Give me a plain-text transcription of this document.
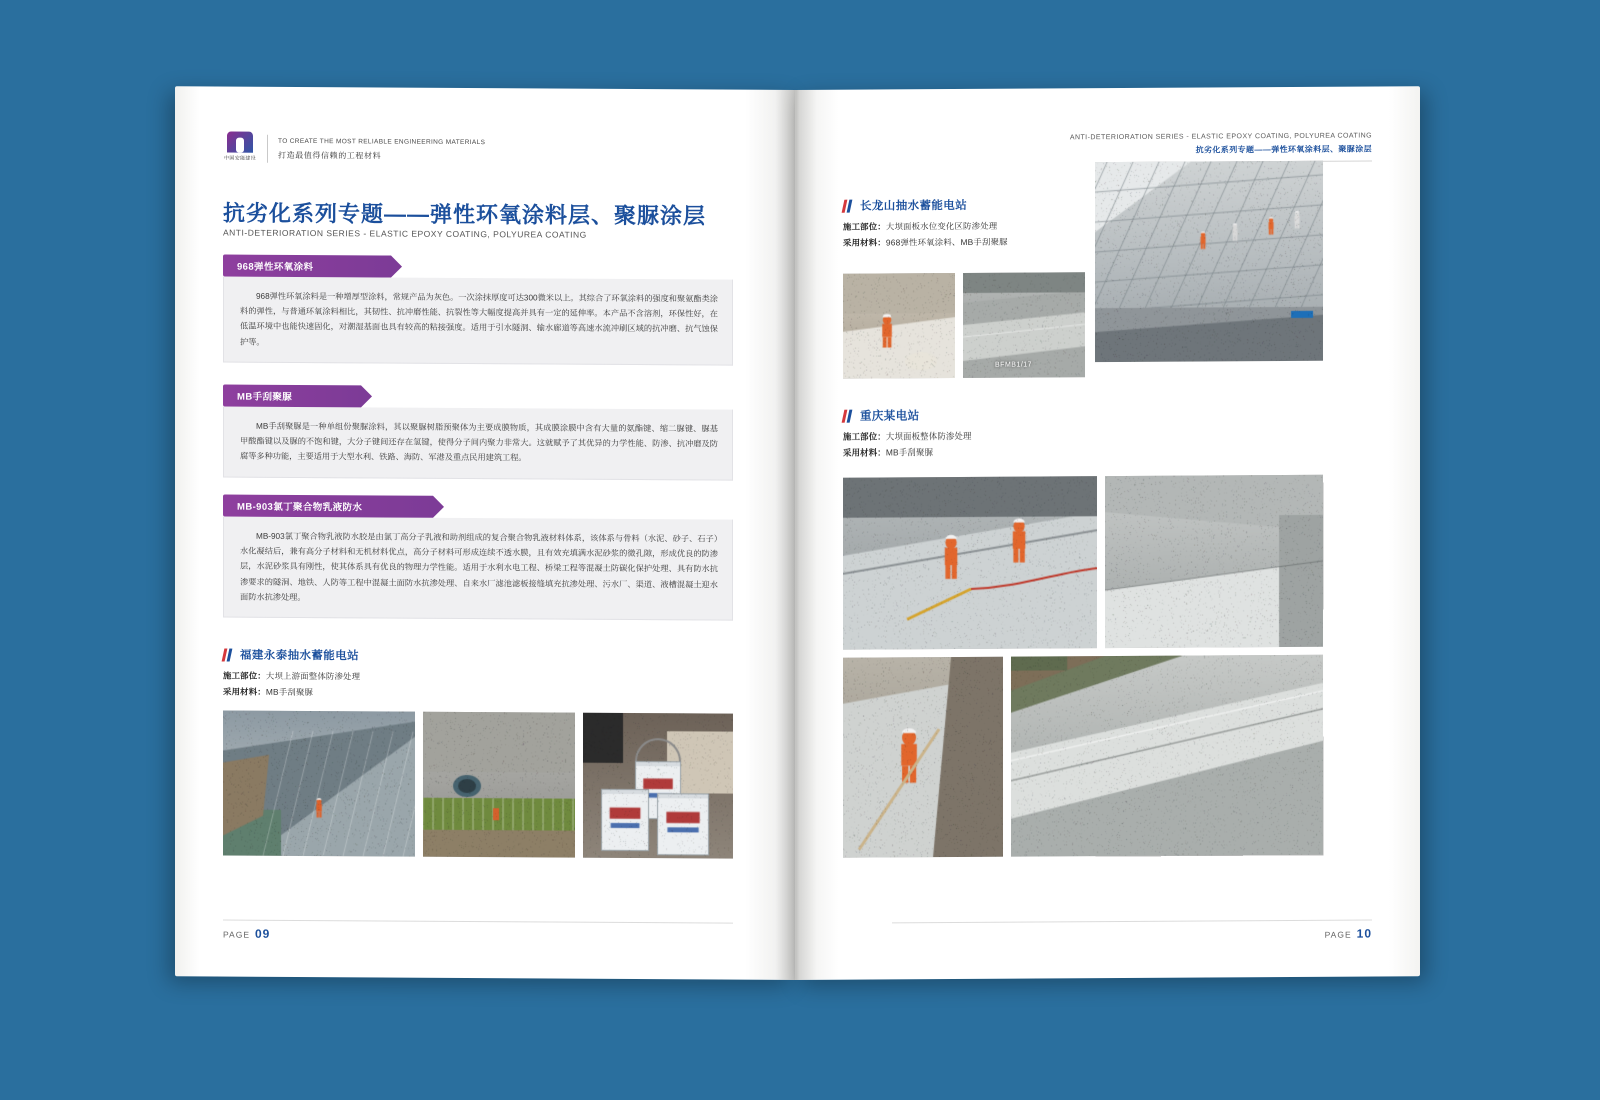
中国安能建设
TO CREATE THE MOST RELIABLE ENGINEERING MATERIALS
打造最值得信赖的工程材料
抗劣化系列专题——弹性环氧涂料层、聚脲涂层
ANTI-DETERIORATION SERIES - ELASTIC EPOXY COATING, POLYUREA COATING
968弹性环氧涂料
968弹性环氧涂料是一种增厚型涂料，常规产品为灰色。一次涂抹厚度可达300微米以上。其综合了环氧涂料的强度和聚氨酯类涂料的弹性，与普通环氧涂料相比，其韧性、抗冲磨性能、抗裂性等大幅度提高并具有一定的延伸率。本产品不含溶剂，环保性好，在低温环境中也能快速固化，对潮湿基面也具有较高的粘接强度。适用于引水隧洞、输水廊道等高速水流冲刷区域的抗冲磨、抗气蚀保护等。
MB手刮聚脲
MB手刮聚脲是一种单组份聚脲涂料，其以聚脲树脂预聚体为主要成膜物质，其成膜涂膜中含有大量的氨酯键、缩二脲键、脲基甲酸酯键以及脲的不饱和键，大分子键间还存在氢键，使得分子间内聚力非常大。这就赋予了其优异的力学性能、防渗、抗冲磨及防腐等多种功能，主要适用于大型水利、铁路、海防、军港及重点民用建筑工程。
MB-903氯丁聚合物乳液防水
MB-903氯丁聚合物乳液防水胶是由氯丁高分子乳液和助剂组成的复合聚合物乳液材料体系，该体系与骨料（水泥、砂子、石子）水化凝结后，兼有高分子材料和无机材料优点，高分子材料可形成连续不透水膜，且有效充填满水泥砂浆的微孔隙，形成优良的防渗层，水泥砂浆具有刚性，使其体系具有优良的物理力学性能。适用于水利水电工程、桥梁工程等混凝土防碳化保护处理、具有防水抗渗要求的隧洞、地铁、人防等工程中混凝土面防水抗渗处理、自来水厂滤池滤板接缝填充抗渗处理、污水厂、渠道、液槽混凝土迎水面防水抗渗处理。
福建永泰抽水蓄能电站
施工部位：大坝上游面整体防渗处理
采用材料：MB手刮聚脲
PAGE 09
ANTI-DETERIORATION SERIES - ELASTIC EPOXY COATING, POLYUREA COATING
抗劣化系列专题——弹性环氧涂料层、聚脲涂层
长龙山抽水蓄能电站
施工部位：大坝面板水位变化区防渗处理
采用材料：968弹性环氧涂料、MB手刮聚脲
BFMB1/17
重庆某电站
施工部位：大坝面板整体防渗处理
采用材料：MB手刮聚脲
PAGE 10
